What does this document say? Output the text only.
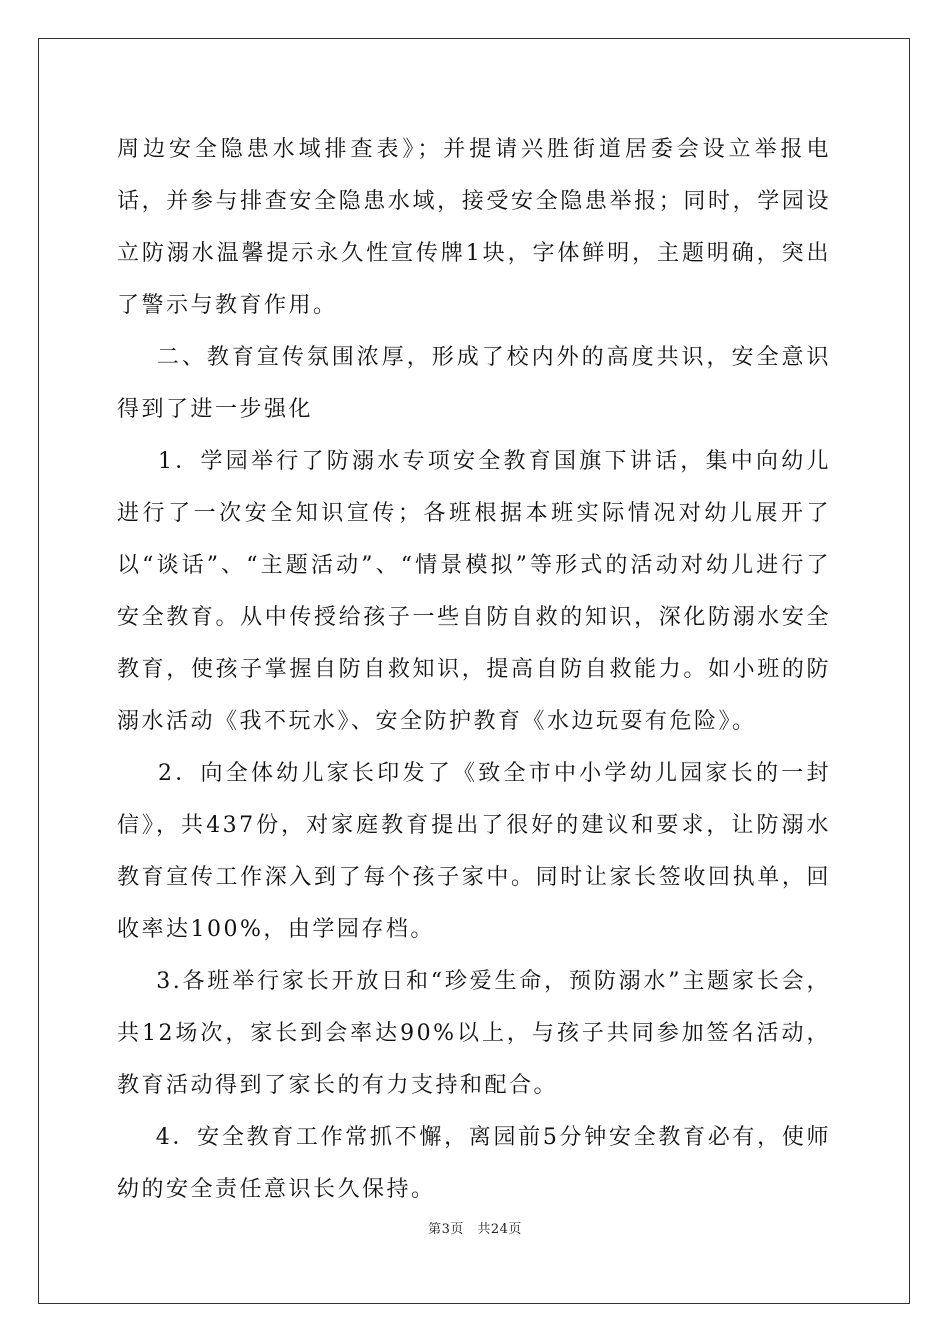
周边安全隐患水域排查表》；并提请兴胜街道居委会设立举报电话，并参与排查安全隐患水域，接受安全隐患举报；同时，学园设立防溺水温馨提示永久性宣传牌1块，字体鲜明，主题明确，突出了警示与教育作用。

二、教育宣传氛围浓厚，形成了校内外的高度共识，安全意识得到了进一步强化

1．学园举行了防溺水专项安全教育国旗下讲话，集中向幼儿进行了一次安全知识宣传；各班根据本班实际情况对幼儿展开了以“谈话”、“主题活动”、“情景模拟”等形式的活动对幼儿进行了安全教育。从中传授给孩子一些自防自救的知识，深化防溺水安全教育，使孩子掌握自防自救知识，提高自防自救能力。如小班的防溺水活动《我不玩水》、安全防护教育《水边玩耍有危险》。

2．向全体幼儿家长印发了《致全市中小学幼儿园家长的一封信》，共437份，对家庭教育提出了很好的建议和要求，让防溺水教育宣传工作深入到了每个孩子家中。同时让家长签收回执单，回收率达100%，由学园存档。

3.各班举行家长开放日和“珍爱生命，预防溺水”主题家长会，共12场次，家长到会率达90%以上，与孩子共同参加签名活动，教育活动得到了家长的有力支持和配合。

4．安全教育工作常抓不懈，离园前5分钟安全教育必有，使师幼的安全责任意识长久保持。

第3页　共24页
